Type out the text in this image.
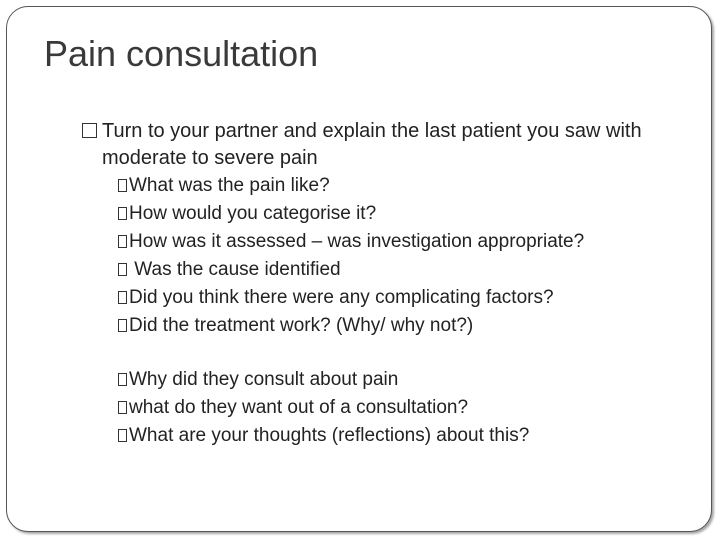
Pain consultation
Turn to your partner and explain the last patient you saw with moderate to severe pain
What was the pain like?
How would you categorise it?
How was it assessed – was investigation appropriate?
Was the cause identified
Did you think there were any complicating factors?
Did the treatment work? (Why/ why not?)
Why did they consult about pain
what do they want out of a consultation?
What are your thoughts (reflections) about this?
